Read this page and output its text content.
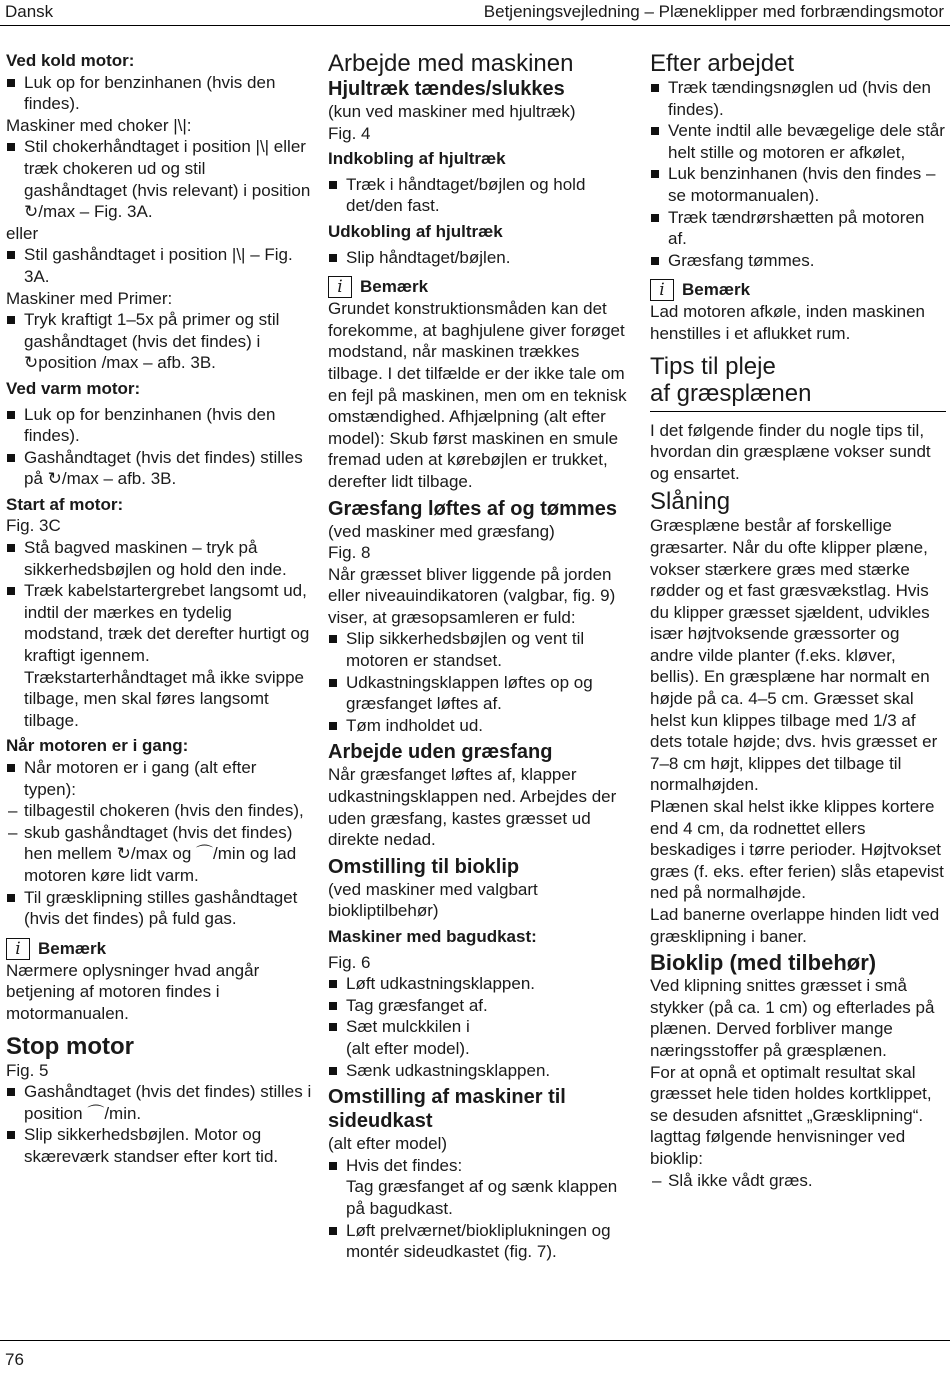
Dansk	Betjeningsvejledning – Plæneklipper med forbrændingsmotor
Ved kold motor:
Luk op for benzinhanen (hvis den findes).

Maskiner med choker |\|:

Stil chokerhåndtaget i position |\| eller træk chokeren ud og stil gashåndtaget (hvis relevant) i position ↻/max – Fig. 3A.

eller

Stil gashåndtaget i position |\| – Fig. 3A.

Maskiner med Primer:

Tryk kraftigt 1–5x på primer og stil gashåndtaget (hvis det findes) i ↻position /max – afb. 3B.
Ved varm motor:
Luk op for benzinhanen (hvis den findes).
Gashåndtaget (hvis det findes) stilles på ↻/max – afb. 3B.
Start af motor:

Fig. 3C

Stå bagved maskinen – tryk på sikkerhedsbøjlen og hold den inde.
Træk kabelstartergrebet langsomt ud, indtil der mærkes en tydelig modstand, træk det derefter hurtigt og kraftigt igennem. Trækstarterhåndtaget må ikke svippe tilbage, men skal føres langsomt tilbage.
Når motoren er i gang:
Når motoren er i gang (alt efter typen):
– tilbagestil chokeren (hvis den findes),
– skub gashåndtaget (hvis det findes) hen mellem ↻/max og ⌒/min og lad motoren køre lidt varm.
Til græsklipning stilles gashåndtaget (hvis det findes) på fuld gas.
i	Bemærk

Nærmere oplysninger hvad angår betjening af motoren findes i motormanualen.

Stop motor

Fig. 5

Gashåndtaget (hvis det findes) stilles i position ⌒/min.
Slip sikkerhedsbøjlen. Motor og skæreværk standser efter kort tid.
Arbejde med maskinen
Hjultræk tændes/slukkes

(kun ved maskiner med hjultræk)

Fig. 4

Indkobling af hjultræk
Træk i håndtaget/bøjlen og hold det/den fast.
Udkobling af hjultræk
Slip håndtaget/bøjlen.
i	Bemærk

Grundet konstruktionsmåden kan det forekomme, at baghjulene giver forøget modstand, når maskinen trækkes tilbage. I det tilfælde er der ikke tale om en fejl på maskinen, men om en teknisk omstændighed. Afhjælpning (alt efter model): Skub først maskinen en smule fremad uden at kørebøjlen er trukket, derefter lidt tilbage.

Græsfang løftes af og tømmes

(ved maskiner med græsfang)

Fig. 8

Når græsset bliver liggende på jorden eller niveauindikatoren (valgbar, fig. 9) viser, at græsopsamleren er fuld:

Slip sikkerhedsbøjlen og vent til motoren er standset.
Udkastningsklappen løftes op og græsfanget løftes af.
Tøm indholdet ud.
Arbejde uden græsfang

Når græsfanget løftes af, klapper udkastningsklappen ned. Arbejdes der uden græsfang, kastes græsset ud direkte nedad.

Omstilling til bioklip

(ved maskiner med valgbart biokliptilbehør)

Maskiner med bagudkast:

Fig. 6

Løft udkastningsklappen.
Tag græsfanget af.
Sæt mulckkilen i
(alt efter model).
Sænk udkastningsklappen.
Omstilling af maskiner til sideudkast

(alt efter model)

Hvis det findes:
Tag græsfanget af og sænk klappen på bagudkast.
Løft prelværnet/biokliplukningen og montér sideudkastet (fig. 7).
Efter arbejdet
Træk tændingsnøglen ud (hvis den findes).
Vente indtil alle bevægelige dele står helt stille og motoren er afkølet,
Luk benzinhanen (hvis den findes – se motormanualen).
Træk tændrørshætten på motoren af.
Græsfang tømmes.
i	Bemærk

Lad motoren afkøle, inden maskinen henstilles i et aflukket rum.

Tips til pleje
af græsplænen

I det følgende finder du nogle tips til, hvordan din græsplæne vokser sundt og ensartet.

Slåning

Græsplæne består af forskellige græsarter. Når du ofte klipper plæne, vokser stærkere græs med stærke rødder og et fast græsvækstlag. Hvis du klipper græsset sjældent, udvikles især højtvoksende græssorter og andre vilde planter (f.eks. kløver, bellis). En græsplæne har normalt en højde på ca. 4–5 cm. Græsset skal helst kun klippes tilbage med 1/3 af dets totale højde; dvs. hvis græsset er 7–8 cm højt, klippes det tilbage til normalhøjden.

Plænen skal helst ikke klippes kortere end 4 cm, da rodnettet ellers beskadiges i tørre perioder. Højtvokset græs (f. eks. efter ferien) slås etapevist ned på normalhøjde.

Lad banerne overlappe hinden lidt ved græsklipning i baner.

Bioklip (med tilbehør)

Ved klipning snittes græsset i små stykker (på ca. 1 cm) og efterlades på plænen. Derved forbliver mange næringsstoffer på græsplænen.

For at opnå et optimalt resultat skal græsset hele tiden holdes kortklippet, se desuden afsnittet „Græsklipning“. lagttag følgende henvisninger ved bioklip:

– Slå ikke vådt græs.
76
